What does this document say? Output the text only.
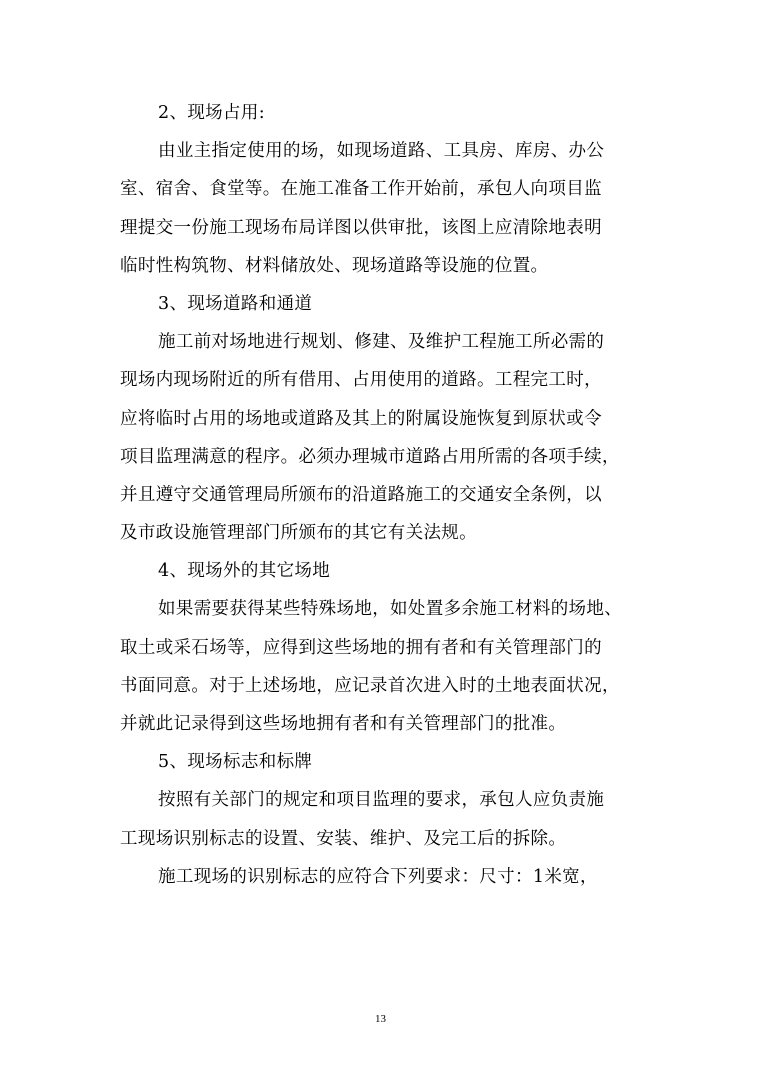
2、现场占用:
由业主指定使用的场，如现场道路、工具房、库房、办公
室、宿舍、食堂等。在施工准备工作开始前，承包人向项目监
理提交一份施工现场布局详图以供审批，该图上应清除地表明
临时性构筑物、材料储放处、现场道路等设施的位置。
3、现场道路和通道
施工前对场地进行规划、修建、及维护工程施工所必需的
现场内现场附近的所有借用、占用使用的道路。工程完工时，
应将临时占用的场地或道路及其上的附属设施恢复到原状或令
项目监理满意的程序。必须办理城市道路占用所需的各项手续，
并且遵守交通管理局所颁布的沿道路施工的交通安全条例，以
及市政设施管理部门所颁布的其它有关法规。
4、现场外的其它场地
如果需要获得某些特殊场地，如处置多余施工材料的场地、
取土或采石场等，应得到这些场地的拥有者和有关管理部门的
书面同意。对于上述场地，应记录首次进入时的土地表面状况，
并就此记录得到这些场地拥有者和有关管理部门的批准。
5、现场标志和标牌
按照有关部门的规定和项目监理的要求，承包人应负责施
工现场识别标志的设置、安装、维护、及完工后的拆除。
施工现场的识别标志的应符合下列要求：尺寸：1米宽，
13
